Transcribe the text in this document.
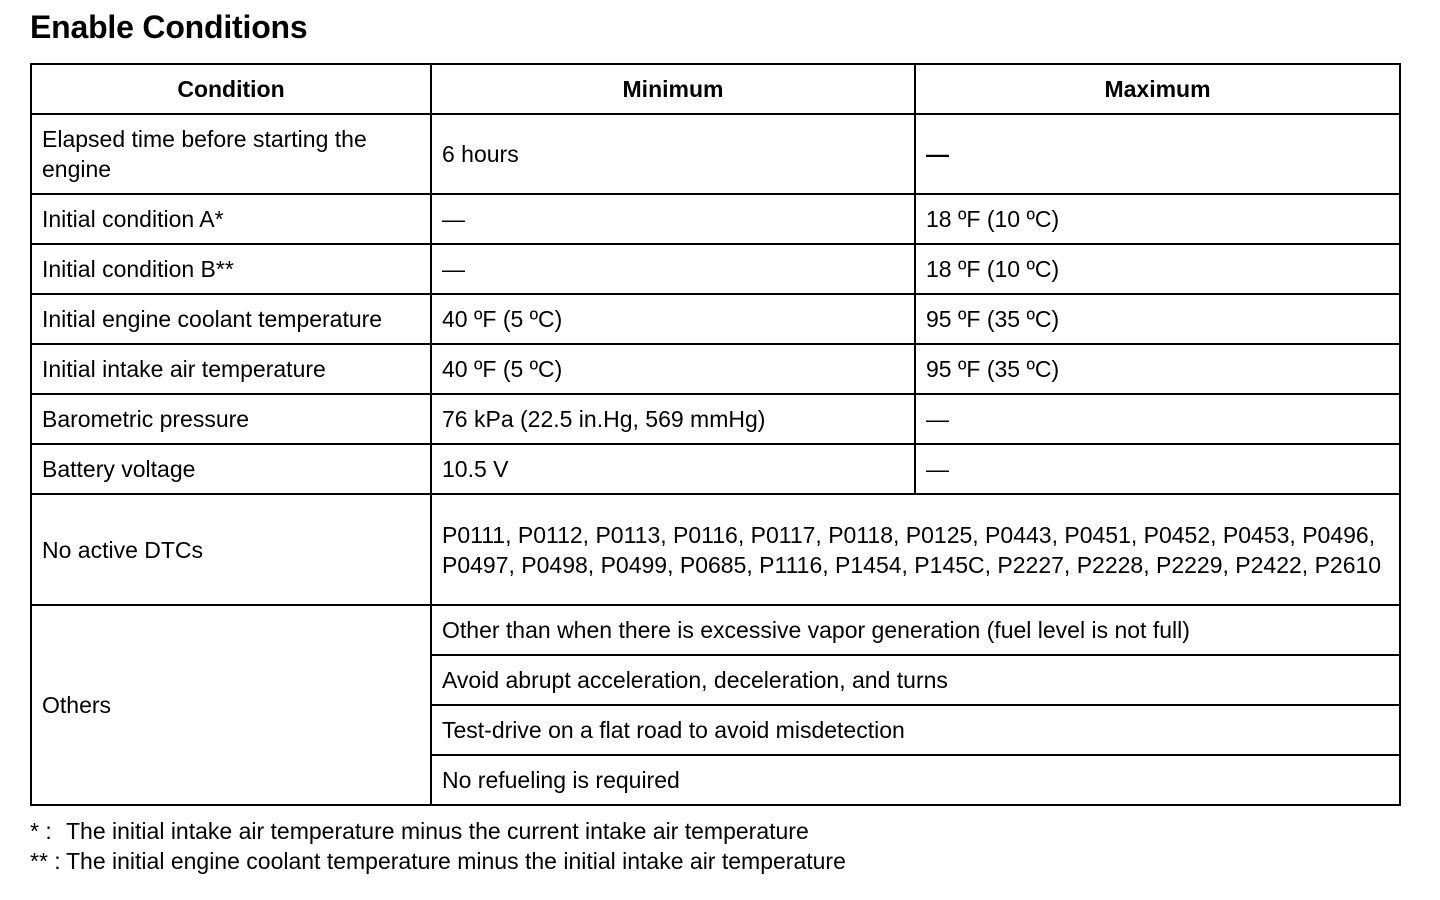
Enable Conditions
Condition	Minimum	Maximum
Elapsed time before starting the engine	6 hours	—
Initial condition A*	—	18 ºF (10 ºC)
Initial condition B**	—	18 ºF (10 ºC)
Initial engine coolant temperature	40 ºF (5 ºC)	95 ºF (35 ºC)
Initial intake air temperature	40 ºF (5 ºC)	95 ºF (35 ºC)
Barometric pressure	76 kPa (22.5 in.Hg, 569 mmHg)	—
Battery voltage	10.5 V	—
No active DTCs	P0111, P0112, P0113, P0116, P0117, P0118, P0125, P0443, P0451, P0452, P0453, P0496, P0497, P0498, P0499, P0685, P1116, P1454, P145C, P2227, P2228, P2229, P2422, P2610	
Others	Other than when there is excessive vapor generation (fuel level is not full)	
	Avoid abrupt acceleration, deceleration, and turns	
	Test-drive on a flat road to avoid misdetection	
	No refueling is required	
* : The initial intake air temperature minus the current intake air temperature
** : The initial engine coolant temperature minus the initial intake air temperature
